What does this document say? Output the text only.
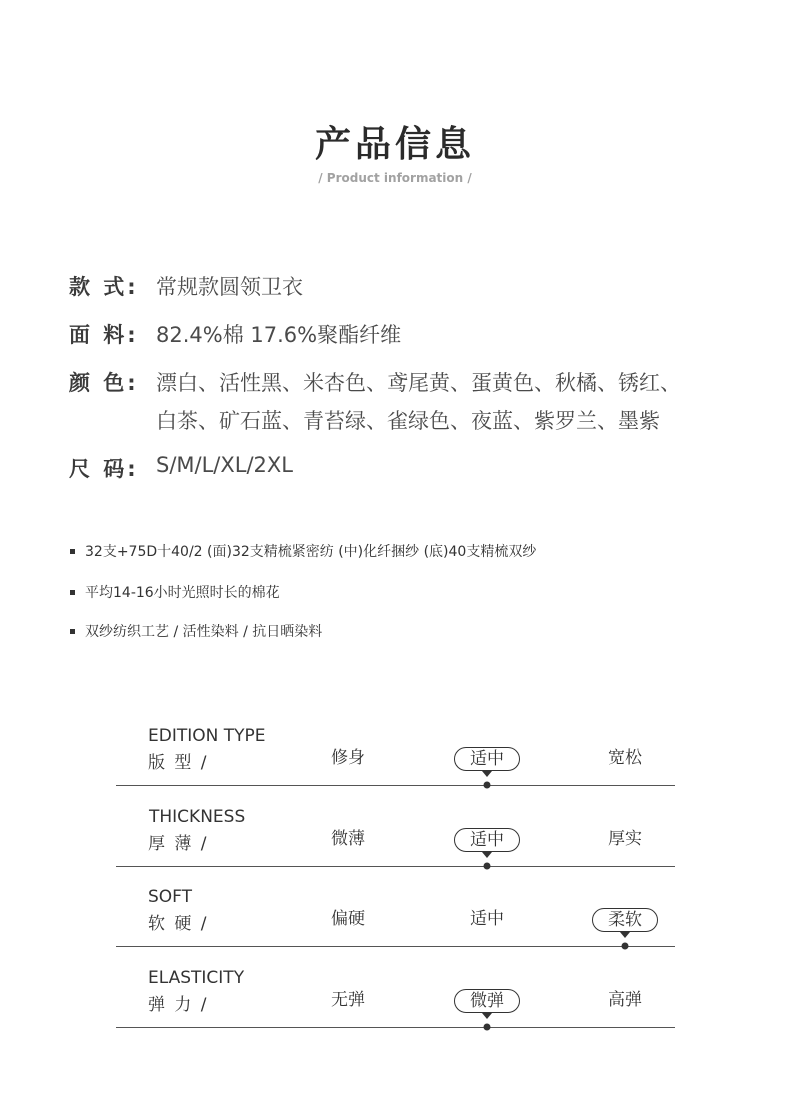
产品信息
/ Product information /
款 式: 常规款圆领卫衣
面 料: 82.4%棉 17.6%聚酯纤维
颜 色: 漂白、活性黑、米杏色、鸢尾黄、蛋黄色、秋橘、锈红、
白茶、矿石蓝、青苔绿、雀绿色、夜蓝、紫罗兰、墨紫
尺 码: S/M/L/XL/2XL
32支+75D十40/2 (面)32支精梳紧密纺 (中)化纤捆纱 (底)40支精梳双纱
平均14-16小时光照时长的棉花
双纱纺织工艺 / 活性染料 / 抗日晒染料
EDITION TYPE
版 型 /	修身	适中	宽松
THICKNESS
厚 薄 /	微薄	适中	厚实
SOFT
软 硬 /	偏硬	适中	柔软
ELASTICITY
弹 力 /	无弹	微弹	高弹
